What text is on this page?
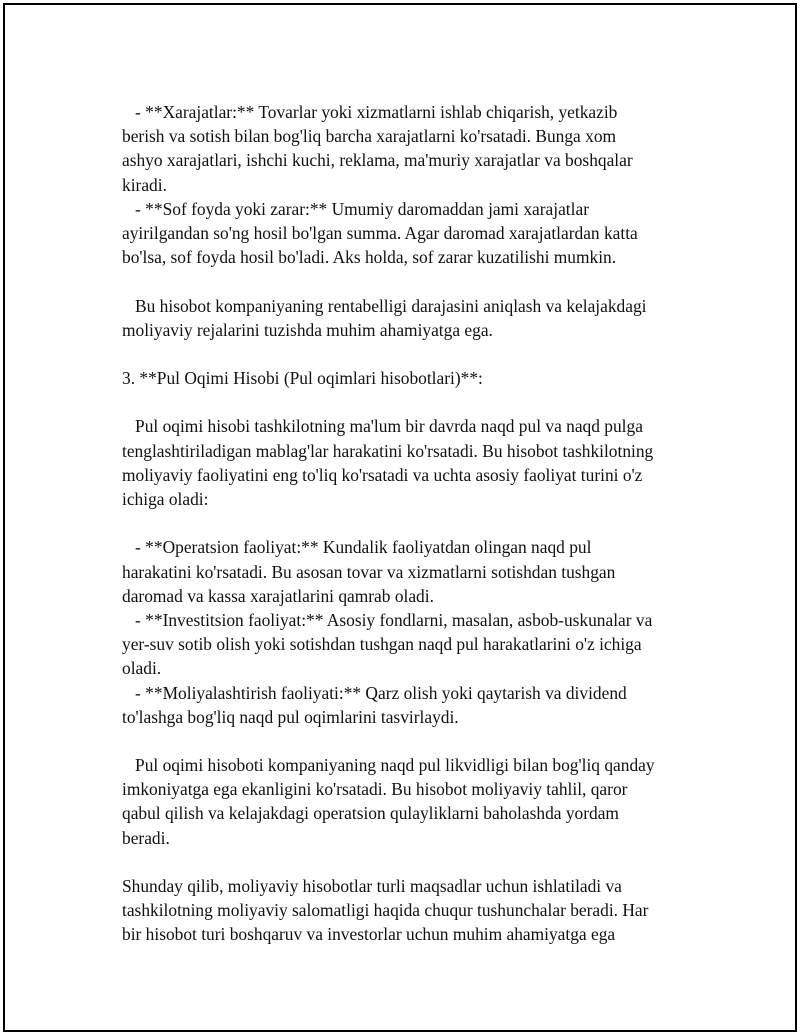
- **Xarajatlar:** Tovarlar yoki xizmatlarni ishlab chiqarish, yetkazib
berish va sotish bilan bog'liq barcha xarajatlarni ko'rsatadi. Bunga xom
ashyo xarajatlari, ishchi kuchi, reklama, ma'muriy xarajatlar va boshqalar
kiradi.
- **Sof foyda yoki zarar:** Umumiy daromaddan jami xarajatlar
ayirilgandan so'ng hosil bo'lgan summa. Agar daromad xarajatlardan katta
bo'lsa, sof foyda hosil bo'ladi. Aks holda, sof zarar kuzatilishi mumkin.
Bu hisobot kompaniyaning rentabelligi darajasini aniqlash va kelajakdagi
moliyaviy rejalarini tuzishda muhim ahamiyatga ega.
3. **Pul Oqimi Hisobi (Pul oqimlari hisobotlari)**:
Pul oqimi hisobi tashkilotning ma'lum bir davrda naqd pul va naqd pulga
tenglashtiriladigan mablag'lar harakatini ko'rsatadi. Bu hisobot tashkilotning
moliyaviy faoliyatini eng to'liq ko'rsatadi va uchta asosiy faoliyat turini o'z
ichiga oladi:
- **Operatsion faoliyat:** Kundalik faoliyatdan olingan naqd pul
harakatini ko'rsatadi. Bu asosan tovar va xizmatlarni sotishdan tushgan
daromad va kassa xarajatlarini qamrab oladi.
- **Investitsion faoliyat:** Asosiy fondlarni, masalan, asbob-uskunalar va
yer-suv sotib olish yoki sotishdan tushgan naqd pul harakatlarini o'z ichiga
oladi.
- **Moliyalashtirish faoliyati:** Qarz olish yoki qaytarish va dividend
to'lashga bog'liq naqd pul oqimlarini tasvirlaydi.
Pul oqimi hisoboti kompaniyaning naqd pul likvidligi bilan bog'liq qanday
imkoniyatga ega ekanligini ko'rsatadi. Bu hisobot moliyaviy tahlil, qaror
qabul qilish va kelajakdagi operatsion qulayliklarni baholashda yordam
beradi.
Shunday qilib, moliyaviy hisobotlar turli maqsadlar uchun ishlatiladi va
tashkilotning moliyaviy salomatligi haqida chuqur tushunchalar beradi. Har
bir hisobot turi boshqaruv va investorlar uchun muhim ahamiyatga ega
